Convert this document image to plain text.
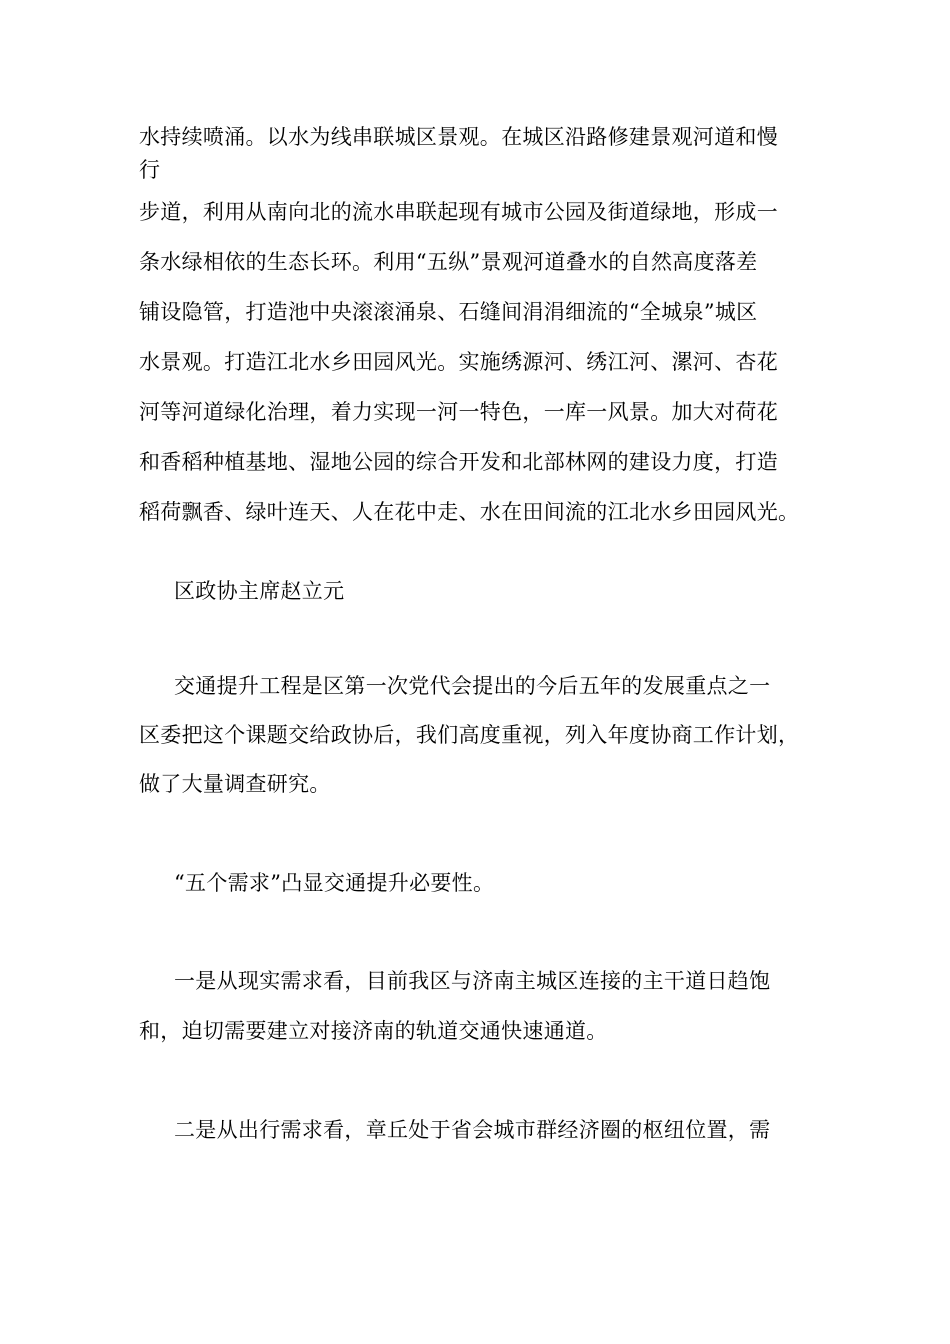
水持续喷涌。以水为线串联城区景观。在城区沿路修建景观河道和慢
行
步道，利用从南向北的流水串联起现有城市公园及街道绿地，形成一
条水绿相依的生态长环。利用“五纵”景观河道叠水的自然高度落差
铺设隐管，打造池中央滚滚涌泉、石缝间涓涓细流的“全城泉”城区
水景观。打造江北水乡田园风光。实施绣源河、绣江河、漯河、杏花
河等河道绿化治理，着力实现一河一特色，一库一风景。加大对荷花
和香稻种植基地、湿地公园的综合开发和北部林网的建设力度，打造
稻荷飘香、绿叶连天、人在花中走、水在田间流的江北水乡田园风光。
区政协主席赵立元
交通提升工程是区第一次党代会提出的今后五年的发展重点之一
区委把这个课题交给政协后，我们高度重视，列入年度协商工作计划，
做了大量调查研究。
“五个需求”凸显交通提升必要性。
一是从现实需求看，目前我区与济南主城区连接的主干道日趋饱
和，迫切需要建立对接济南的轨道交通快速通道。
二是从出行需求看，章丘处于省会城市群经济圈的枢纽位置，需
